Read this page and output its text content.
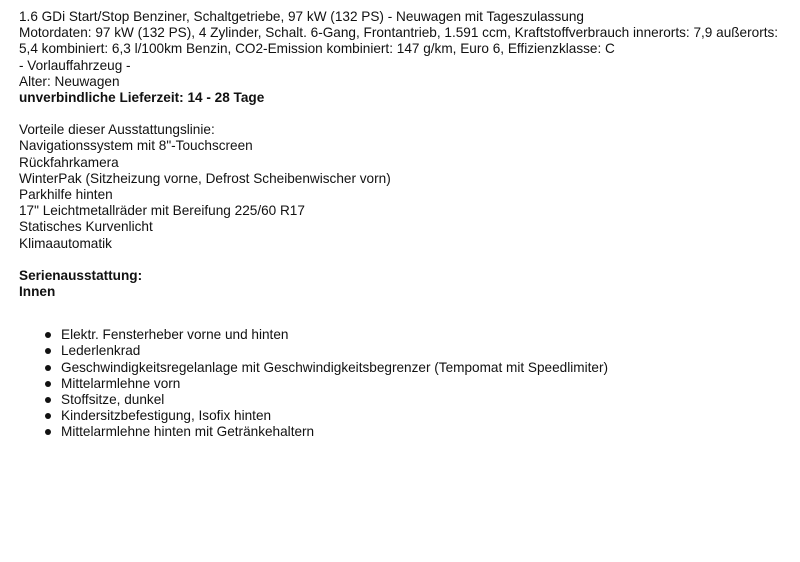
1.6 GDi Start/Stop Benziner, Schaltgetriebe, 97 kW (132 PS) - Neuwagen mit Tageszulassung
Motordaten: 97 kW (132 PS), 4 Zylinder, Schalt. 6-Gang, Frontantrieb, 1.591 ccm, Kraftstoffverbrauch innerorts: 7,9 außerorts: 5,4 kombiniert: 6,3 l/100km Benzin, CO2-Emission kombiniert: 147 g/km, Euro 6, Effizienzklasse: C
- Vorlauffahrzeug -
Alter: Neuwagen
unverbindliche Lieferzeit: 14 - 28 Tage
Vorteile dieser Ausstattungslinie:
Navigationssystem mit 8"-Touchscreen
Rückfahrkamera
WinterPak (Sitzheizung vorne, Defrost Scheibenwischer vorn)
Parkhilfe hinten
17" Leichtmetallräder mit Bereifung 225/60 R17
Statisches Kurvenlicht
Klimaautomatik
Serienausstattung:
Innen
Elektr. Fensterheber vorne und hinten
Lederlenkrad
Geschwindigkeitsregelanlage mit Geschwindigkeitsbegrenzer (Tempomat mit Speedlimiter)
Mittelarmlehne vorn
Stoffsitze, dunkel
Kindersitzbefestigung, Isofix hinten
Mittelarmlehne hinten mit Getränkehaltern
